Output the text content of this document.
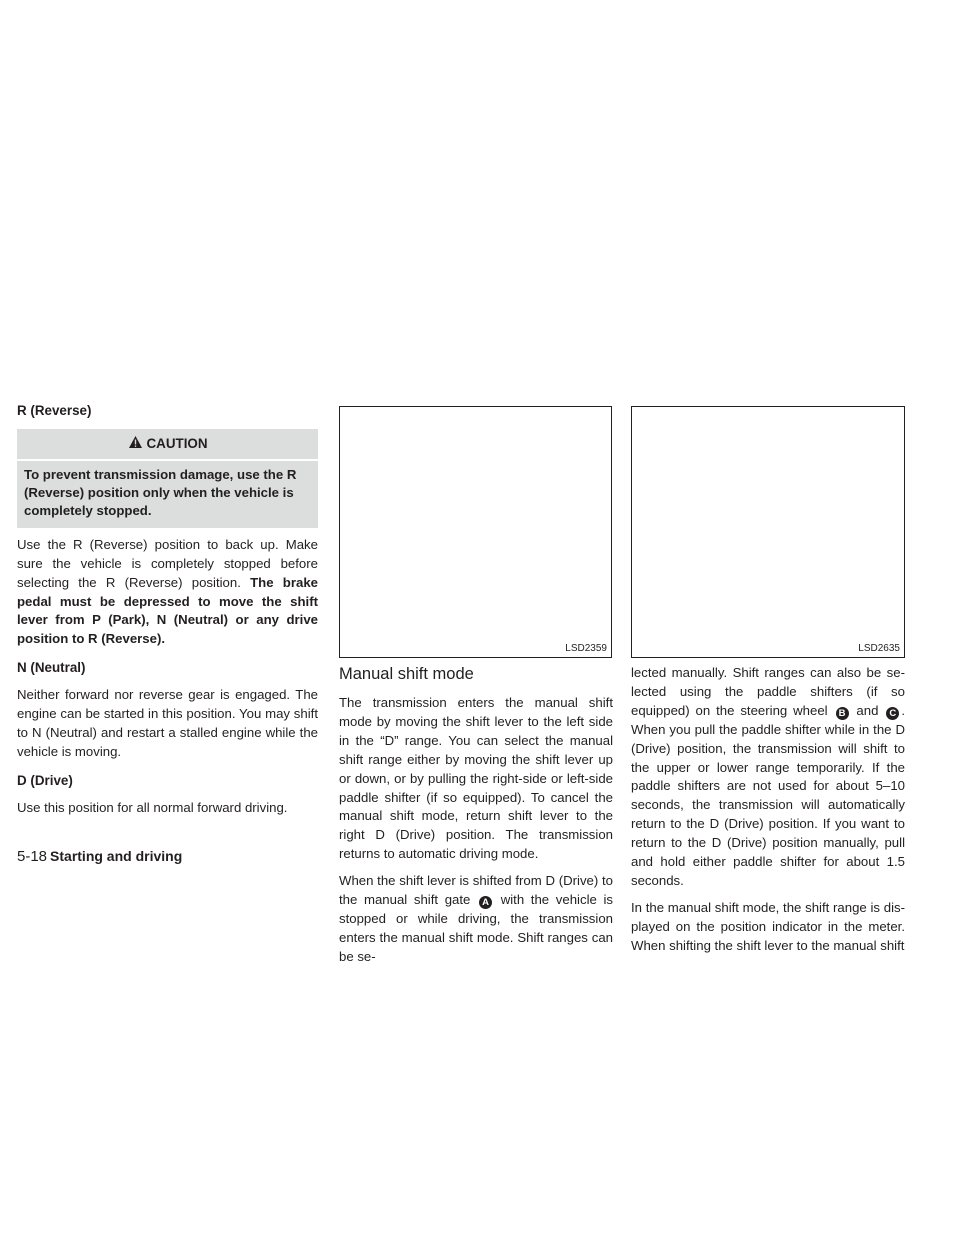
R (Reverse)

CAUTION
To prevent transmission damage, use the R (Reverse) position only when the vehicle is completely stopped.

Use the R (Reverse) position to back up. Make sure the vehicle is completely stopped before selecting the R (Reverse) position. The brake pedal must be depressed to move the shift lever from P (Park), N (Neutral) or any drive position to R (Reverse).

N (Neutral)

Neither forward nor reverse gear is engaged. The engine can be started in this position. You may shift to N (Neutral) and restart a stalled engine while the vehicle is moving.

D (Drive)

Use this position for all normal forward driving.

LSD2359	LSD2635
Manual shift mode

The transmission enters the manual shift mode by moving the shift lever to the left side in the “D” range. You can select the manual shift range either by moving the shift lever up or down, or by pulling the right-side or left-side paddle shifter (if so equipped). To cancel the manual shift mode, return shift lever to the right D (Drive) position. The transmission returns to automatic driving mode.

When the shift lever is shifted from D (Drive) to the manual shift gate A with the vehicle is stopped or while driving, the transmission enters the manual shift mode. Shift ranges can be se-

lected manually. Shift ranges can also be se- lected using the paddle shifters (if so equipped) on the steering wheel B and C . When you pull the paddle shifter while in the D (Drive) position, the transmission will shift to the upper or lower range temporarily. If the paddle shifters are not used for about 5–10 seconds, the transmission will automatically return to the D (Drive) position. If you want to return to the D (Drive) position manually, pull and hold either paddle shifter for about 1.5 seconds.

In the manual shift mode, the shift range is dis- played on the position indicator in the meter. When shifting the shift lever to the manual shift

5-18 Starting and driving
